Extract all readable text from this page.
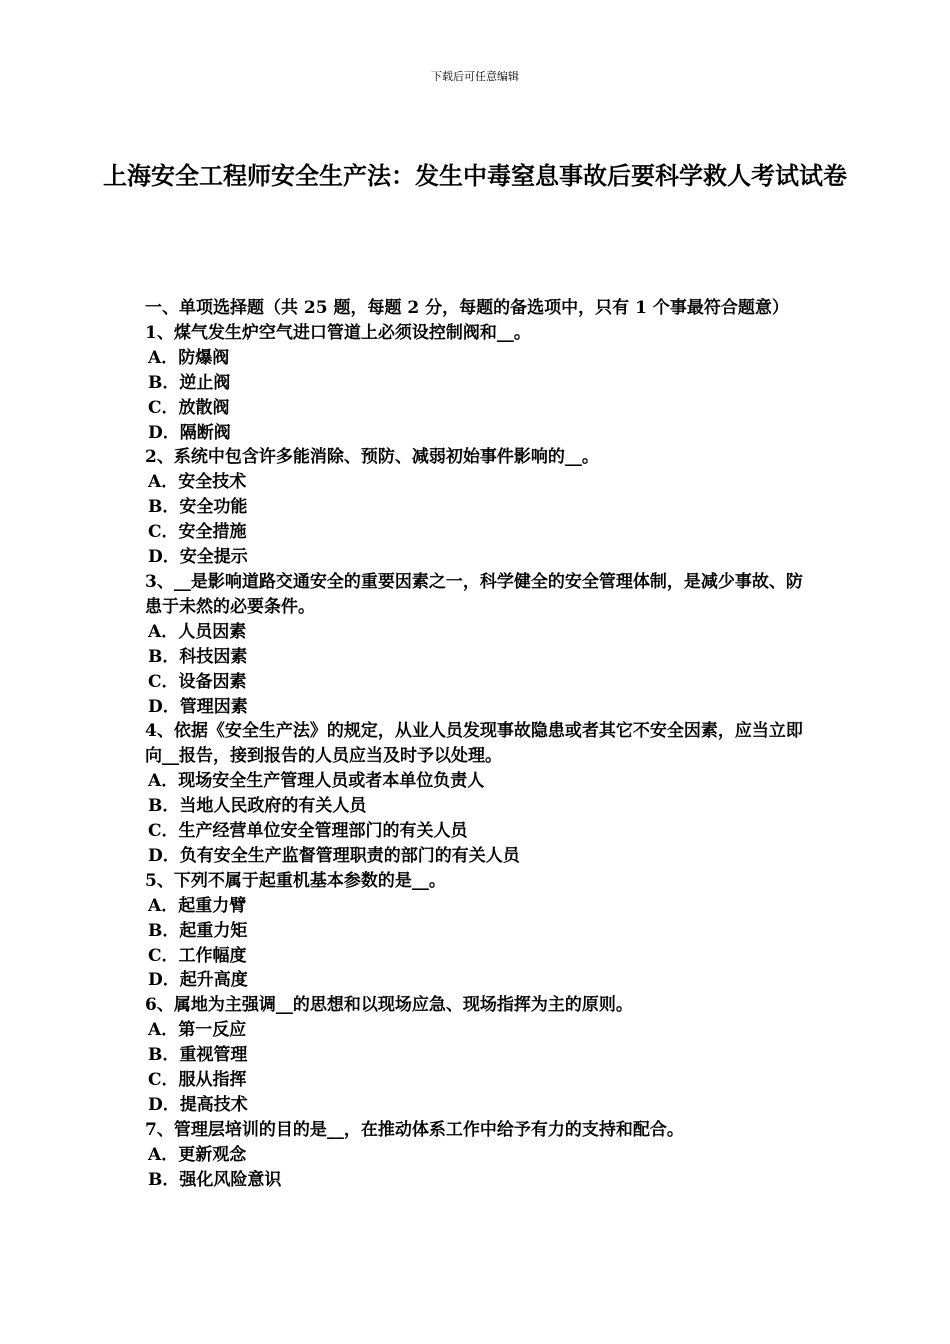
下载后可任意编辑
上海安全工程师安全生产法：发生中毒窒息事故后要科学救人考试试卷

一、单项选择题（共 25 题，每题 2 分，每题的备选项中，只有 1 个事最符合题意）

1、煤气发生炉空气进口管道上必须设控制阀和__。

A．防爆阀
B．逆止阀
C．放散阀
D．隔断阀

2、系统中包含许多能消除、预防、减弱初始事件影响的__。

A．安全技术
B．安全功能
C．安全措施
D．安全提示

3、__是影响道路交通安全的重要因素之一，科学健全的安全管理体制，是减少事故、防患于未然的必要条件。

A．人员因素
B．科技因素
C．设备因素
D．管理因素

4、依据《安全生产法》的规定，从业人员发现事故隐患或者其它不安全因素，应当立即向__报告，接到报告的人员应当及时予以处理。

A．现场安全生产管理人员或者本单位负责人
B．当地人民政府的有关人员
C．生产经营单位安全管理部门的有关人员
D．负有安全生产监督管理职责的部门的有关人员

5、下列不属于起重机基本参数的是__。

A．起重力臂
B．起重力矩
C．工作幅度
D．起升高度

6、属地为主强调__的思想和以现场应急、现场指挥为主的原则。

A．第一反应
B．重视管理
C．服从指挥
D．提高技术

7、管理层培训的目的是__，在推动体系工作中给予有力的支持和配合。

A．更新观念
B．强化风险意识
